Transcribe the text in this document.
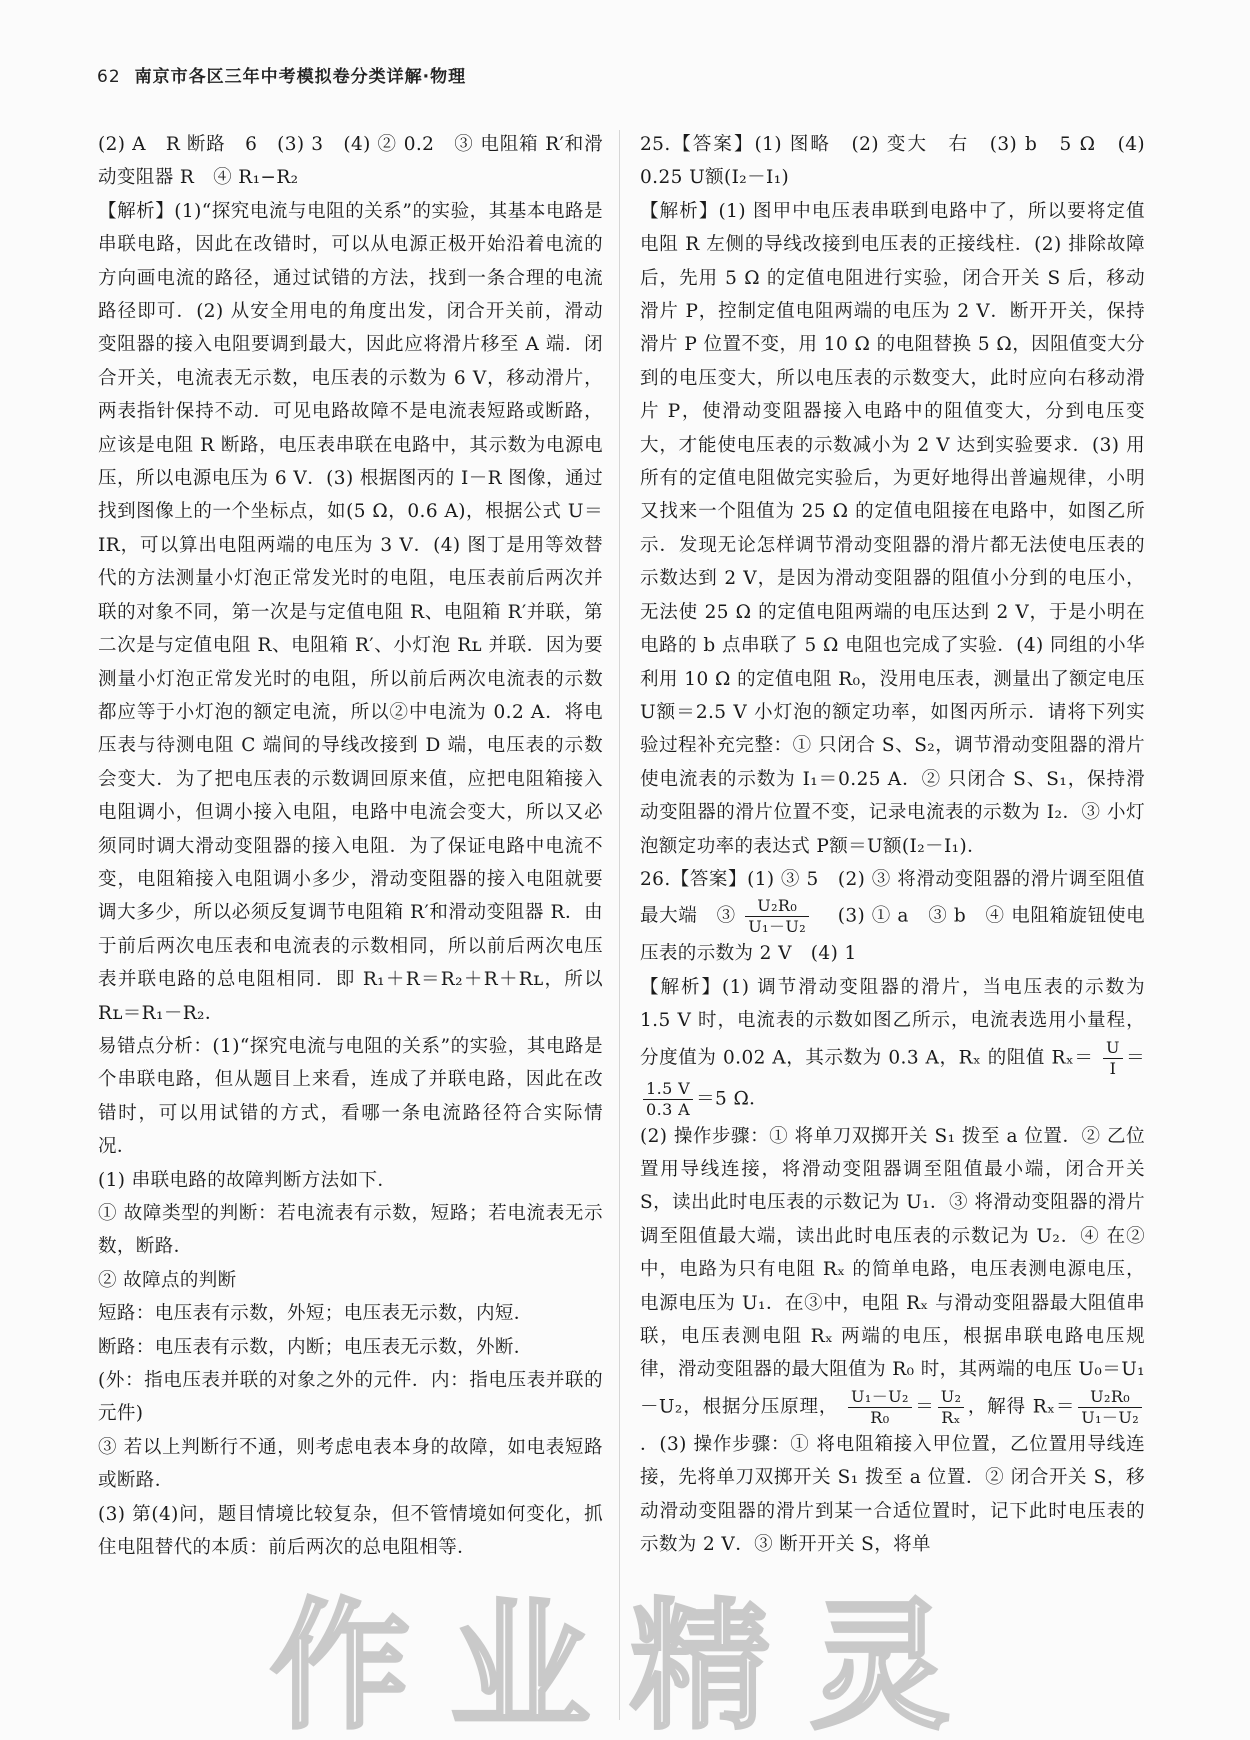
62 南京市各区三年中考模拟卷分类详解·物理

(2) A　R 断路　6　(3) 3　(4) ② 0.2　③ 电阻箱 R′和滑动变阻器 R　④ R₁−R₂

【解析】(1)“探究电流与电阻的关系”的实验，其基本电路是串联电路，因此在改错时，可以从电源正极开始沿着电流的方向画电流的路径，通过试错的方法，找到一条合理的电流路径即可．(2) 从安全用电的角度出发，闭合开关前，滑动变阻器的接入电阻要调到最大，因此应将滑片移至 A 端．闭合开关，电流表无示数，电压表的示数为 6 V，移动滑片，两表指针保持不动．可见电路故障不是电流表短路或断路，应该是电阻 R 断路，电压表串联在电路中，其示数为电源电压，所以电源电压为 6 V．(3) 根据图丙的 I－R 图像，通过找到图像上的一个坐标点，如(5 Ω，0.6 A)，根据公式 U＝IR，可以算出电阻两端的电压为 3 V．(4) 图丁是用等效替代的方法测量小灯泡正常发光时的电阻，电压表前后两次并联的对象不同，第一次是与定值电阻 R、电阻箱 R′并联，第二次是与定值电阻 R、电阻箱 R′、小灯泡 Rʟ 并联．因为要测量小灯泡正常发光时的电阻，所以前后两次电流表的示数都应等于小灯泡的额定电流，所以②中电流为 0.2 A．将电压表与待测电阻 C 端间的导线改接到 D 端，电压表的示数会变大．为了把电压表的示数调回原来值，应把电阻箱接入电阻调小，但调小接入电阻，电路中电流会变大，所以又必须同时调大滑动变阻器的接入电阻．为了保证电路中电流不变，电阻箱接入电阻调小多少，滑动变阻器的接入电阻就要调大多少，所以必须反复调节电阻箱 R′和滑动变阻器 R．由于前后两次电压表和电流表的示数相同，所以前后两次电压表并联电路的总电阻相同．即 R₁＋R＝R₂＋R＋Rʟ，所以 Rʟ＝R₁－R₂．

易错点分析：(1)“探究电流与电阻的关系”的实验，其电路是个串联电路，但从题目上来看，连成了并联电路，因此在改错时，可以用试错的方式，看哪一条电流路径符合实际情况．

(1) 串联电路的故障判断方法如下．

① 故障类型的判断：若电流表有示数，短路；若电流表无示数，断路．

② 故障点的判断

短路：电压表有示数，外短；电压表无示数，内短．

断路：电压表有示数，内断；电压表无示数，外断．

(外：指电压表并联的对象之外的元件．内：指电压表并联的元件)

③ 若以上判断行不通，则考虑电表本身的故障，如电表短路或断路．

(3) 第(4)问，题目情境比较复杂，但不管情境如何变化，抓住电阻替代的本质：前后两次的总电阻相等．

25.【答案】(1) 图略　(2) 变大　右　(3) b　5 Ω　(4) 0.25 U额(I₂－I₁)

【解析】(1) 图甲中电压表串联到电路中了，所以要将定值电阻 R 左侧的导线改接到电压表的正接线柱．(2) 排除故障后，先用 5 Ω 的定值电阻进行实验，闭合开关 S 后，移动滑片 P，控制定值电阻两端的电压为 2 V．断开开关，保持滑片 P 位置不变，用 10 Ω 的电阻替换 5 Ω，因阻值变大分到的电压变大，所以电压表的示数变大，此时应向右移动滑片 P，使滑动变阻器接入电路中的阻值变大，分到电压变大，才能使电压表的示数减小为 2 V 达到实验要求．(3) 用所有的定值电阻做完实验后，为更好地得出普遍规律，小明又找来一个阻值为 25 Ω 的定值电阻接在电路中，如图乙所示．发现无论怎样调节滑动变阻器的滑片都无法使电压表的示数达到 2 V，是因为滑动变阻器的阻值小分到的电压小，无法使 25 Ω 的定值电阻两端的电压达到 2 V，于是小明在电路的 b 点串联了 5 Ω 电阻也完成了实验．(4) 同组的小华利用 10 Ω 的定值电阻 R₀，没用电压表，测量出了额定电压 U额＝2.5 V 小灯泡的额定功率，如图丙所示．请将下列实验过程补充完整：① 只闭合 S、S₂，调节滑动变阻器的滑片使电流表的示数为 I₁＝0.25 A．② 只闭合 S、S₁，保持滑动变阻器的滑片位置不变，记录电流表的示数为 I₂．③ 小灯泡额定功率的表达式 P额＝U额(I₂－I₁)．

26.【答案】(1) ③ 5　(2) ③ 将滑动变阻器的滑片调至阻值最大端　③ $\frac{\text{U₂R₀}}{\text{U₁－U₂}}$ 　(3) ① a　③ b　④ 电阻箱旋钮使电压表的示数为 2 V　(4) 1

【解析】(1) 调节滑动变阻器的滑片，当电压表的示数为 1.5 V 时，电流表的示数如图乙所示，电流表选用小量程，分度值为 0.02 A，其示数为 0.3 A，Rₓ 的阻值 $R_x= \frac{U}{I}$ ＝
$\frac{1.5 V}{0.3 A} =5$ Ω．

(2) 操作步骤：① 将单刀双掷开关 S₁ 拨至 a 位置．② 乙位置用导线连接，将滑动变阻器调至阻值最小端，闭合开关 S，读出此时电压表的示数记为 U₁．③ 将滑动变阻器的滑片调至阻值最大端，读出此时电压表的示数记为 U₂．④ 在②中，电路为只有电阻 Rₓ 的简单电路，电压表测电源电压，电源电压为 U₁．在③中，电阻 Rₓ 与滑动变阻器最大阻值串联，电压表测电阻 Rₓ 两端的电压，根据串联电路电压规律，滑动变阻器的最大阻值为 R₀ 时，其两端的电压 U₀＝U₁－U₂，根据分压原理， $\frac{\text{U₁－U₂}}{\text{R₀}} = \frac{\text{U₂}}{\text{Rₓ}}$ ，解得 $R_x= \frac{\text{U₂R₀}}{\text{U₁－U₂}}$
．(3) 操作步骤：① 将电阻箱接入甲位置，乙位置用导线连接，先将单刀双掷开关 S₁ 拨至 a 位置．② 闭合开关 S，移动滑动变阻器的滑片到某一合适位置时，记下此时电压表的示数为 2 V．③ 断开开关 S，将单

作业精灵
